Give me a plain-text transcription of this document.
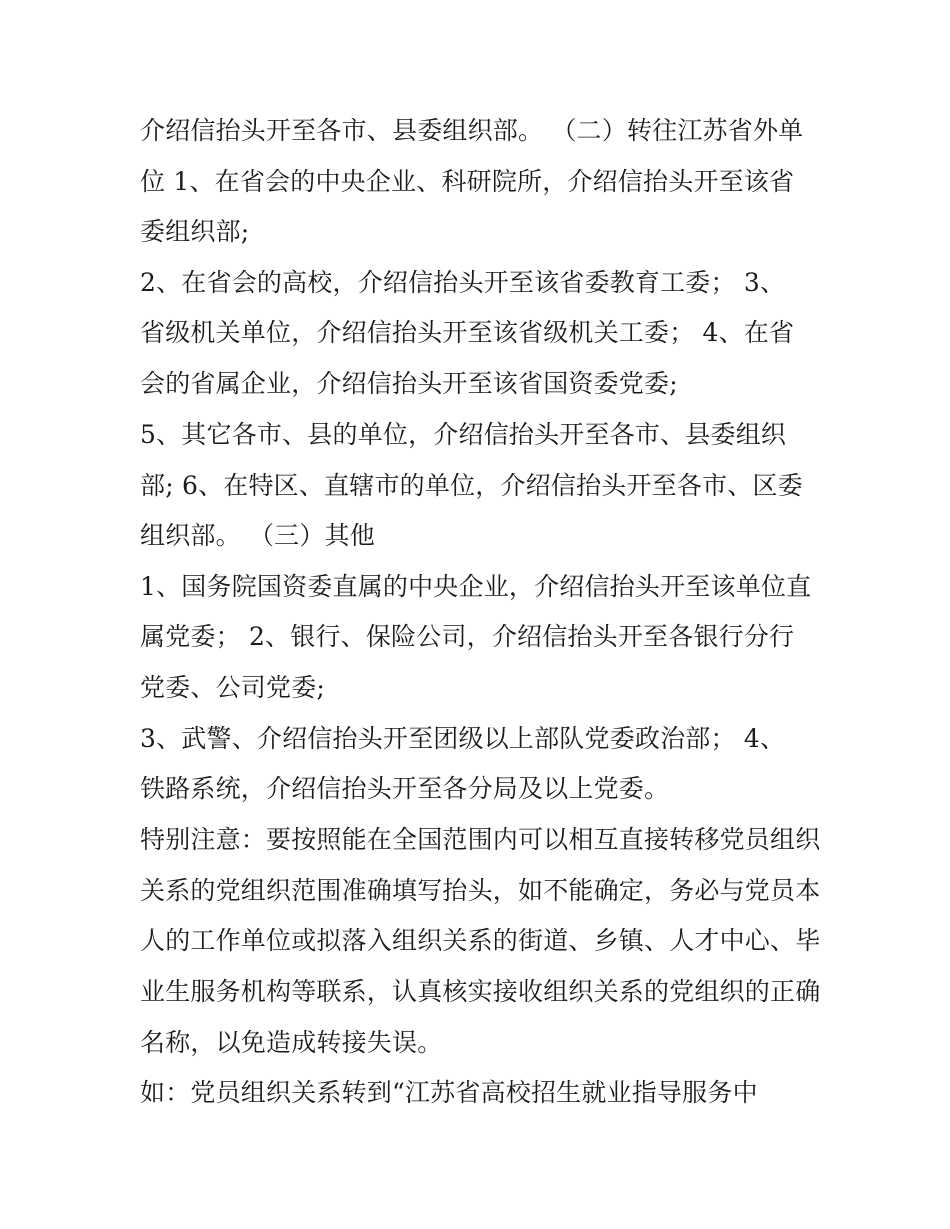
介绍信抬头开至各市、县委组织部。 （二）转往江苏省外单
位 1、在省会的中央企业、科研院所，介绍信抬头开至该省
委组织部;
2、在省会的高校，介绍信抬头开至该省委教育工委； 3、
省级机关单位，介绍信抬头开至该省级机关工委； 4、在省
会的省属企业，介绍信抬头开至该省国资委党委;
5、其它各市、县的单位，介绍信抬头开至各市、县委组织
部; 6、在特区、直辖市的单位，介绍信抬头开至各市、区委
组织部。 （三）其他
1、国务院国资委直属的中央企业，介绍信抬头开至该单位直
属党委； 2、银行、保险公司，介绍信抬头开至各银行分行
党委、公司党委;
3、武警、介绍信抬头开至团级以上部队党委政治部； 4、
铁路系统，介绍信抬头开至各分局及以上党委。
特别注意：要按照能在全国范围内可以相互直接转移党员组织
关系的党组织范围准确填写抬头，如不能确定，务必与党员本
人的工作单位或拟落入组织关系的街道、乡镇、人才中心、毕
业生服务机构等联系，认真核实接收组织关系的党组织的正确
名称，以免造成转接失误。
如：党员组织关系转到“江苏省高校招生就业指导服务中
